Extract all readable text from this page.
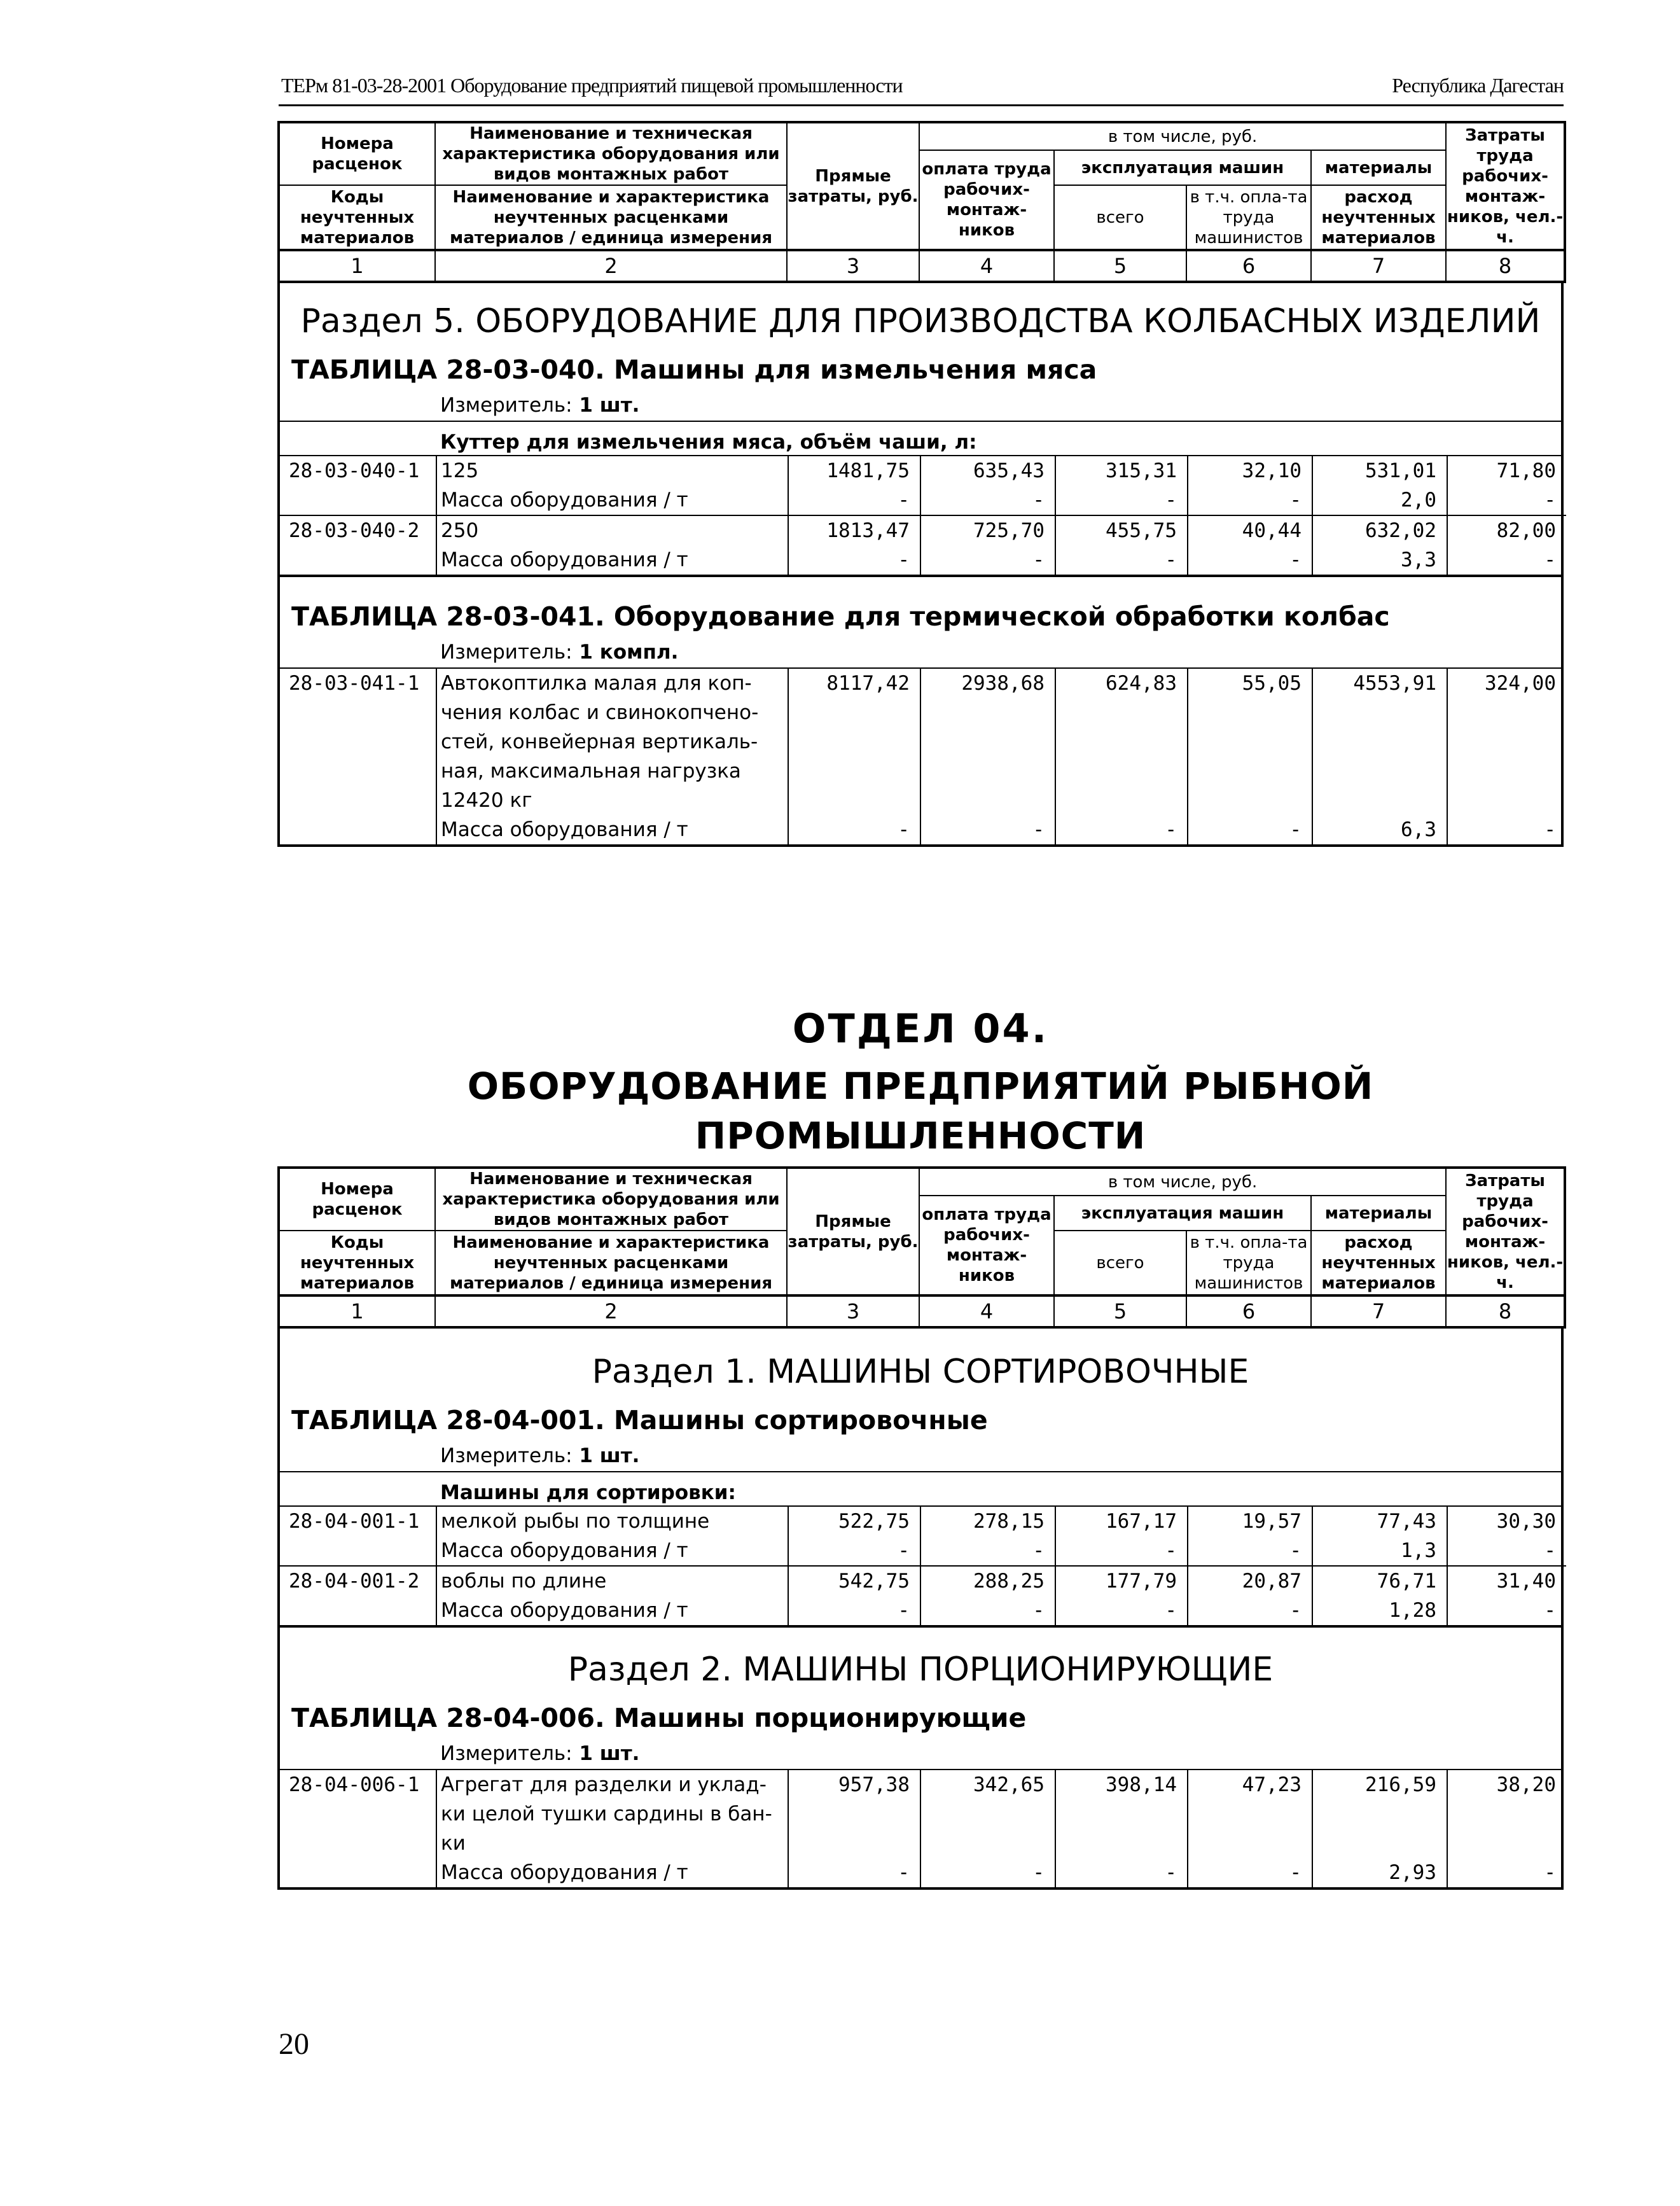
ТЕРм 81-03-28-2001 Оборудование предприятий пищевой промышленности	Республика Дагестан
Номера расценок	Наименование и техническая характеристика оборудования или видов монтажных работ	Прямые затраты, руб.	в том числе, руб.				Затраты труда рабочих-монтаж-ников, чел.-ч.
			оплата труда рабочих-монтаж-ников	эксплуатация машин		материалы	
Коды неучтенных материалов	Наименование и характеристика неучтенных расценками материалов / единица измерения			всего	в т.ч. опла-та труда машинистов	расход неучтенных материалов	

1	2	3	4	5	6	7	8
Раздел 5. ОБОРУДОВАНИЕ ДЛЯ ПРОИЗВОДСТВА КОЛБАСНЫХ ИЗДЕЛИЙ
ТАБЛИЦА 28-03-040. Машины для измельчения мяса
Измеритель: 1 шт.
Куттер для измельчения мяса, объём чаши, л:
28-03-040-1	125	1481,75	635,43	315,31	32,10	531,01	71,80
	Масса оборудования / т	-	-	-	-	2,0	-
28-03-040-2	250	1813,47	725,70	455,75	40,44	632,02	82,00
	Масса оборудования / т	-	-	-	-	3,3	-
ТАБЛИЦА 28-03-041. Оборудование для термической обработки колбас
Измеритель: 1 компл.
28-03-041-1	Автокоптилка малая для коп-
чения колбас и свинокопчено-
стей, конвейерная вертикаль-
ная, максимальная нагрузка
12420 кг	8117,42	2938,68	624,83	55,05	4553,91	324,00
	Масса оборудования / т	-	-	-	-	6,3	-
ОТДЕЛ 04.
ОБОРУДОВАНИЕ ПРЕДПРИЯТИЙ РЫБНОЙ
ПРОМЫШЛЕННОСТИ
Номера расценок	Наименование и техническая характеристика оборудования или видов монтажных работ	Прямые затраты, руб.	в том числе, руб.				Затраты труда рабочих-монтаж-ников, чел.-ч.
			оплата труда рабочих-монтаж-ников	эксплуатация машин		материалы	
Коды неучтенных материалов	Наименование и характеристика неучтенных расценками материалов / единица измерения			всего	в т.ч. опла-та труда машинистов	расход неучтенных материалов	

1	2	3	4	5	6	7	8
Раздел 1. МАШИНЫ СОРТИРОВОЧНЫЕ
ТАБЛИЦА 28-04-001. Машины сортировочные
Измеритель: 1 шт.
Машины для сортировки:
28-04-001-1	мелкой рыбы по толщине	522,75	278,15	167,17	19,57	77,43	30,30
	Масса оборудования / т	-	-	-	-	1,3	-
28-04-001-2	воблы по длине	542,75	288,25	177,79	20,87	76,71	31,40
	Масса оборудования / т	-	-	-	-	1,28	-
Раздел 2. МАШИНЫ ПОРЦИОНИРУЮЩИЕ
ТАБЛИЦА 28-04-006. Машины порционирующие
Измеритель: 1 шт.
28-04-006-1	Агрегат для разделки и уклад-
ки целой тушки сардины в бан-
ки	957,38	342,65	398,14	47,23	216,59	38,20
	Масса оборудования / т	-	-	-	-	2,93	-
20
